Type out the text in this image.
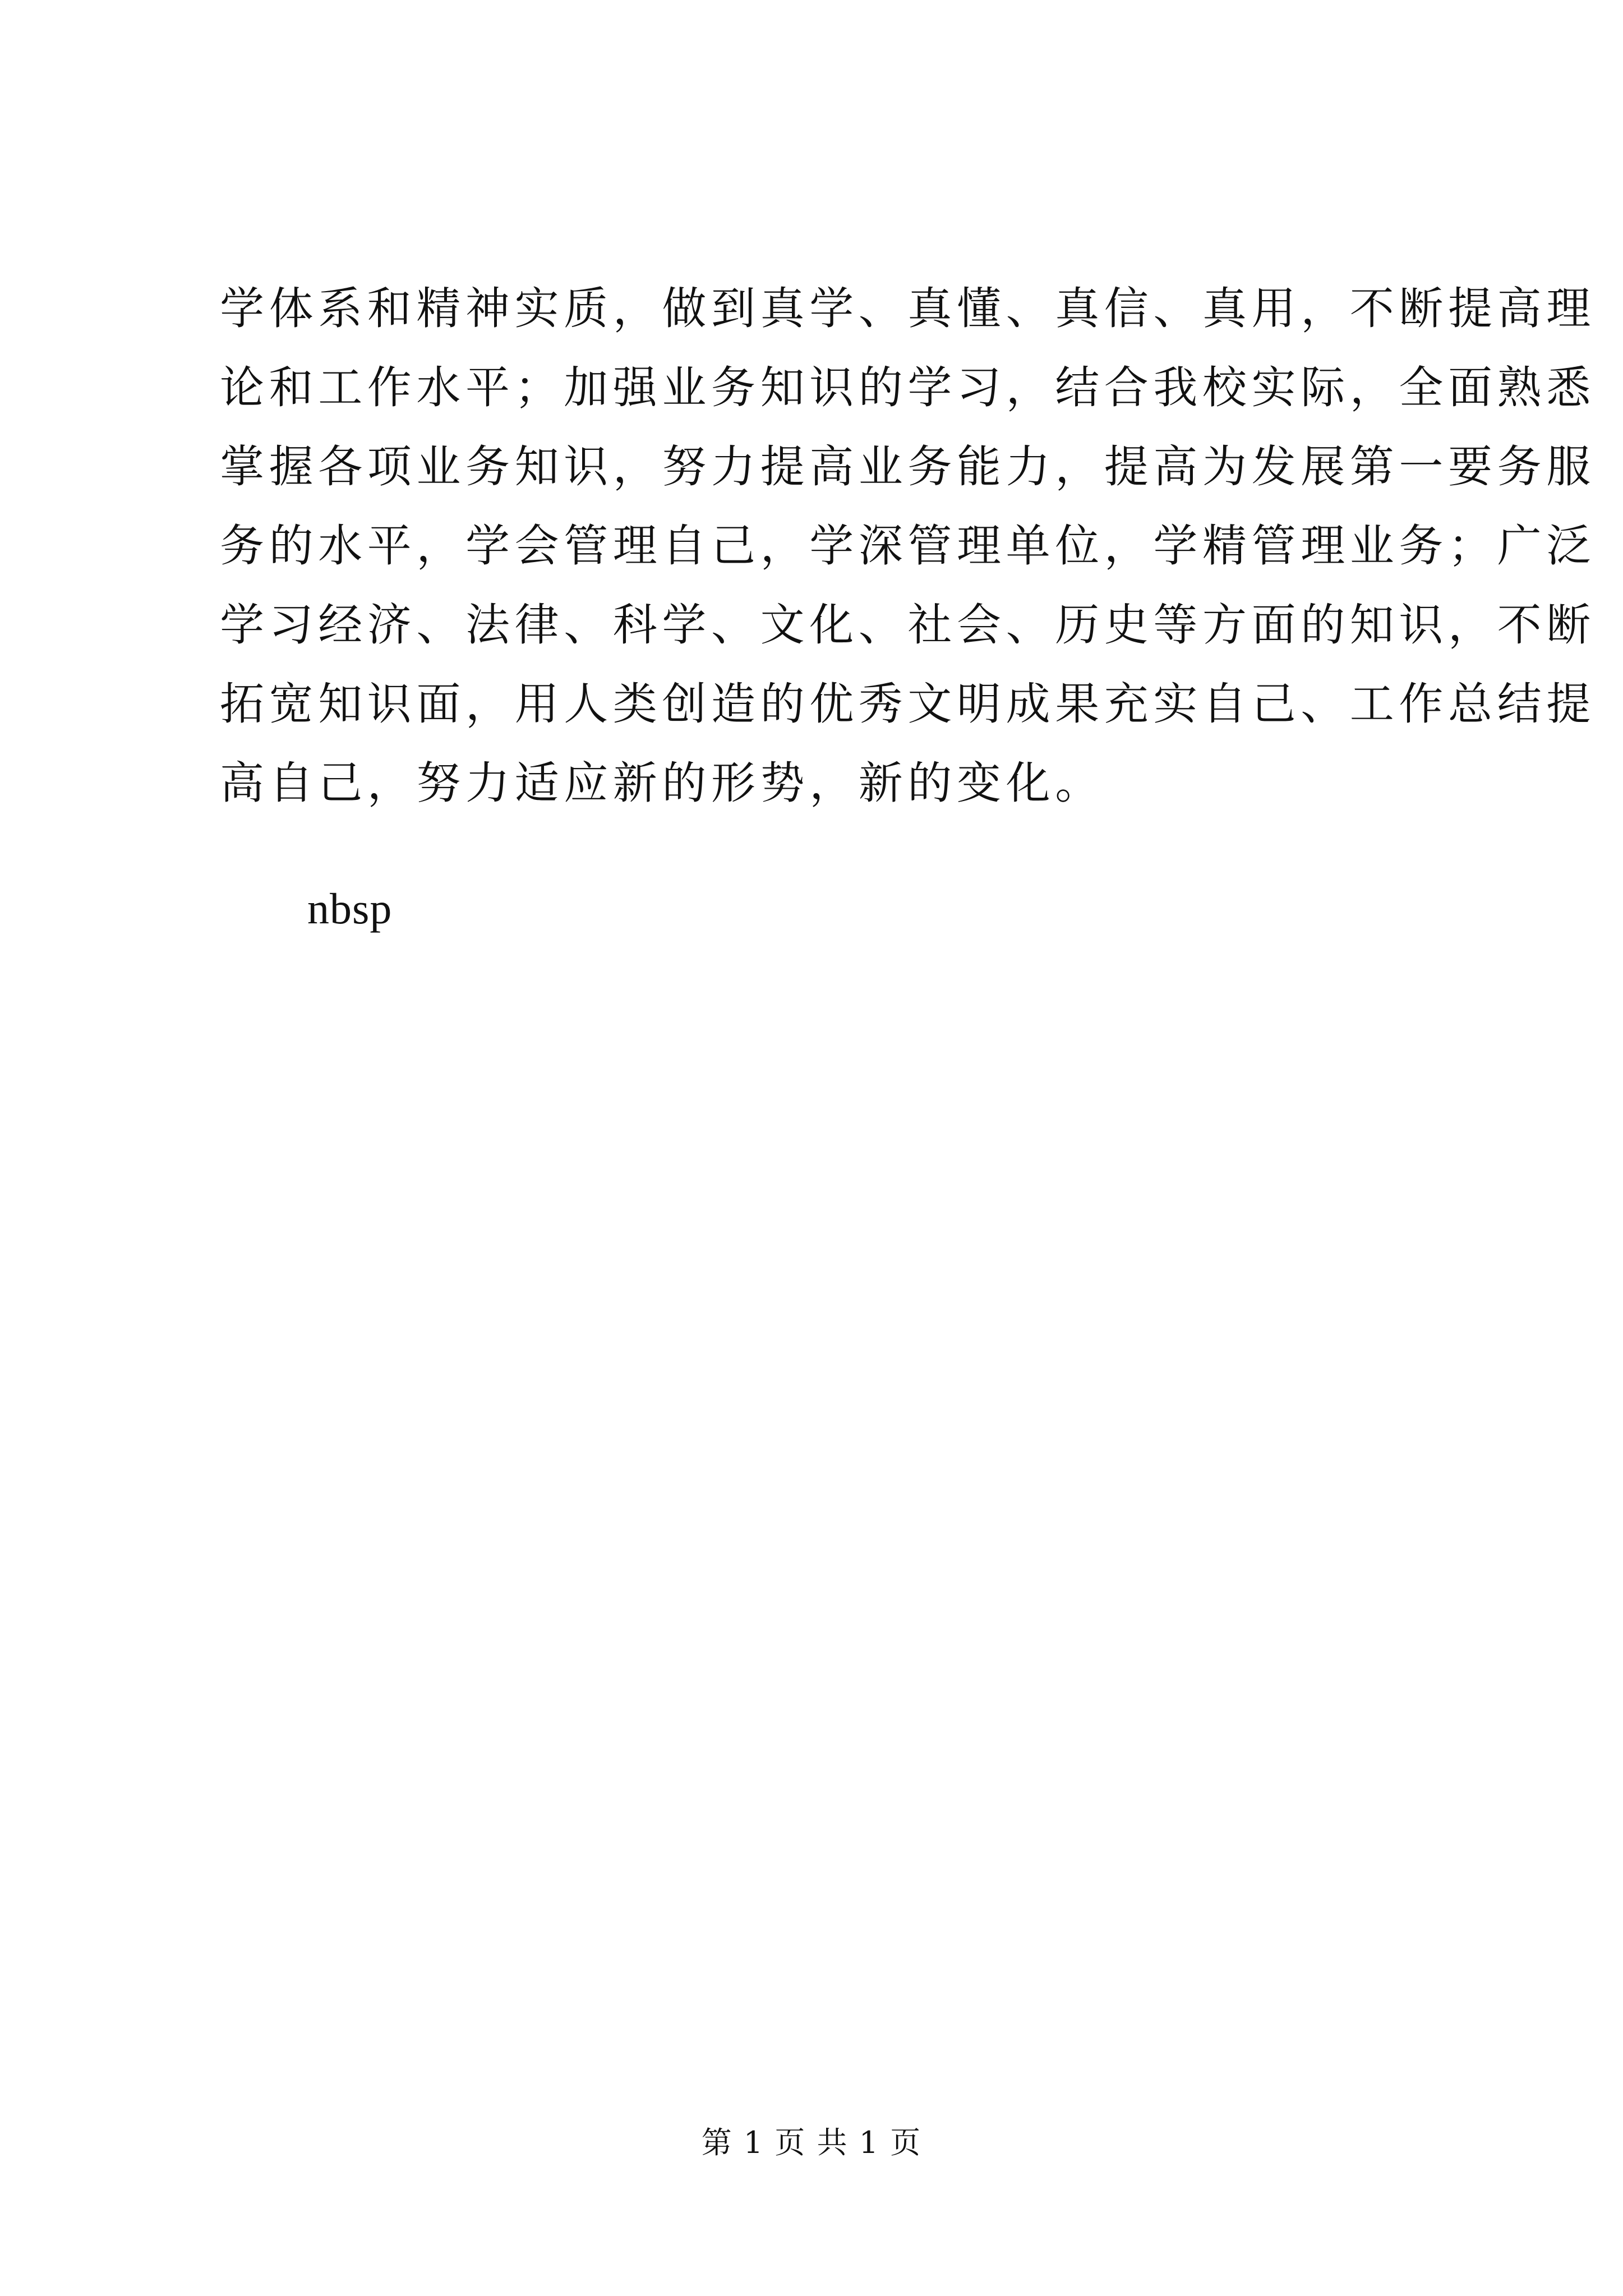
学体系和精神实质，做到真学、真懂、真信、真用，不断提高理
论和工作水平；加强业务知识的学习，结合我校实际，全面熟悉
掌握各项业务知识，努力提高业务能力，提高为发展第一要务服
务的水平，学会管理自己，学深管理单位，学精管理业务；广泛
学习经济、法律、科学、文化、社会、历史等方面的知识，不断
拓宽知识面，用人类创造的优秀文明成果充实自己、工作总结提
高自己，努力适应新的形势，新的变化。
nbsp
第 1 页 共 1 页
